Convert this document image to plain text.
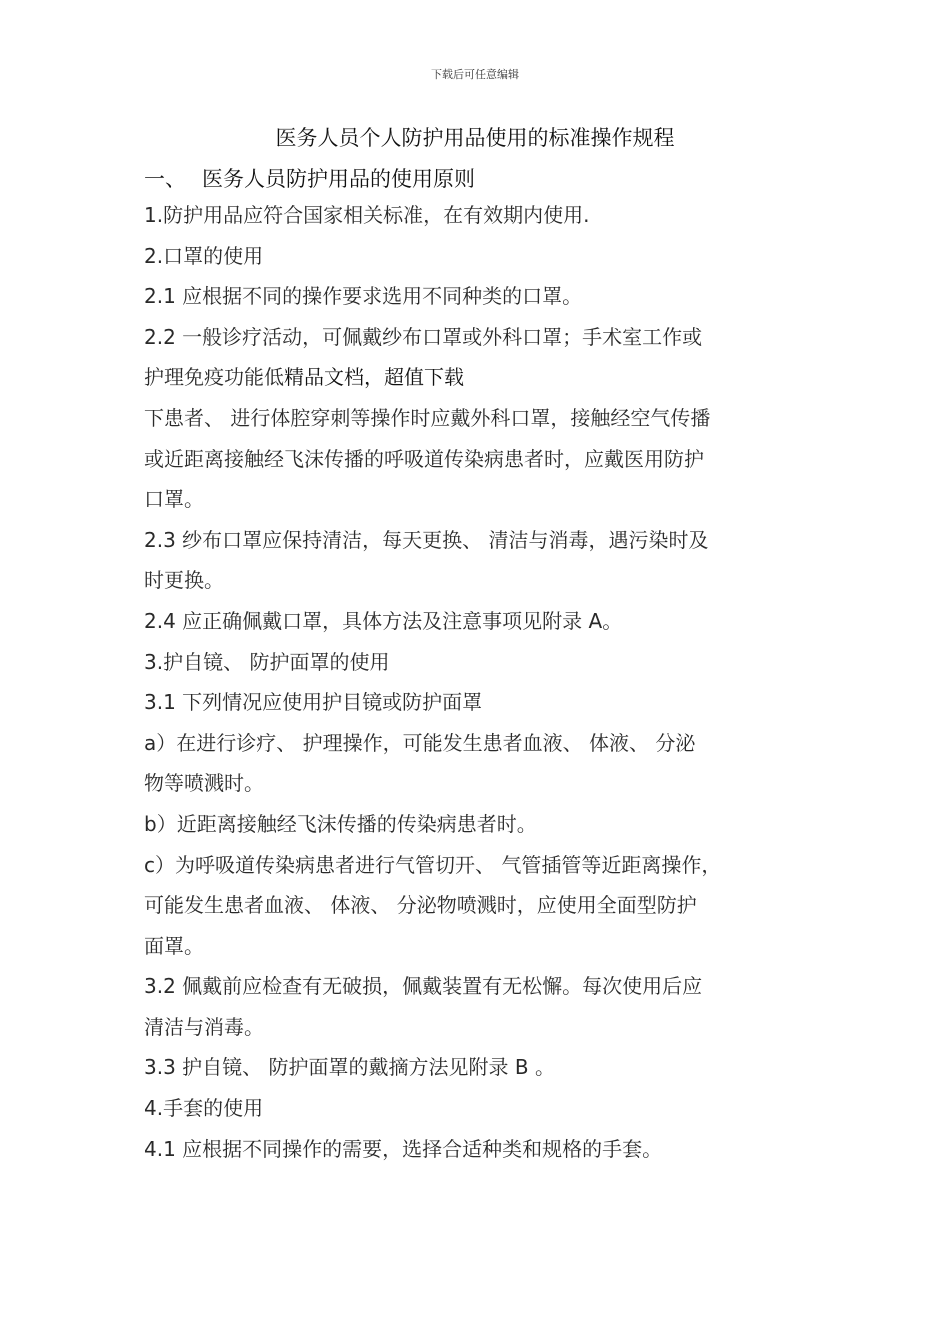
下载后可任意编辑
医务人员个人防护用品使用的标准操作规程
一、 医务人员防护用品的使用原则
1.防护用品应符合国家相关标准，在有效期内使用.
2.口罩的使用
2.1 应根据不同的操作要求选用不同种类的口罩。
2.2 一般诊疗活动，可佩戴纱布口罩或外科口罩；手术室工作或
护理免疫功能低精品文档，超值下载
下患者、 进行体腔穿刺等操作时应戴外科口罩，接触经空气传播
或近距离接触经飞沫传播的呼吸道传染病患者时，应戴医用防护
口罩。
2.3 纱布口罩应保持清洁，每天更换、 清洁与消毒，遇污染时及
时更换。
2.4 应正确佩戴口罩，具体方法及注意事项见附录 A。
3.护自镜、 防护面罩的使用
3.1 下列情况应使用护目镜或防护面罩
a）在进行诊疗、 护理操作，可能发生患者血液、 体液、 分泌
物等喷溅时。
b）近距离接触经飞沫传播的传染病患者时。
c）为呼吸道传染病患者进行气管切开、 气管插管等近距离操作，
可能发生患者血液、 体液、 分泌物喷溅时，应使用全面型防护
面罩。
3.2 佩戴前应检查有无破损，佩戴装置有无松懈。每次使用后应
清洁与消毒。
3.3 护自镜、 防护面罩的戴摘方法见附录 B 。
4.手套的使用
4.1 应根据不同操作的需要，选择合适种类和规格的手套。
